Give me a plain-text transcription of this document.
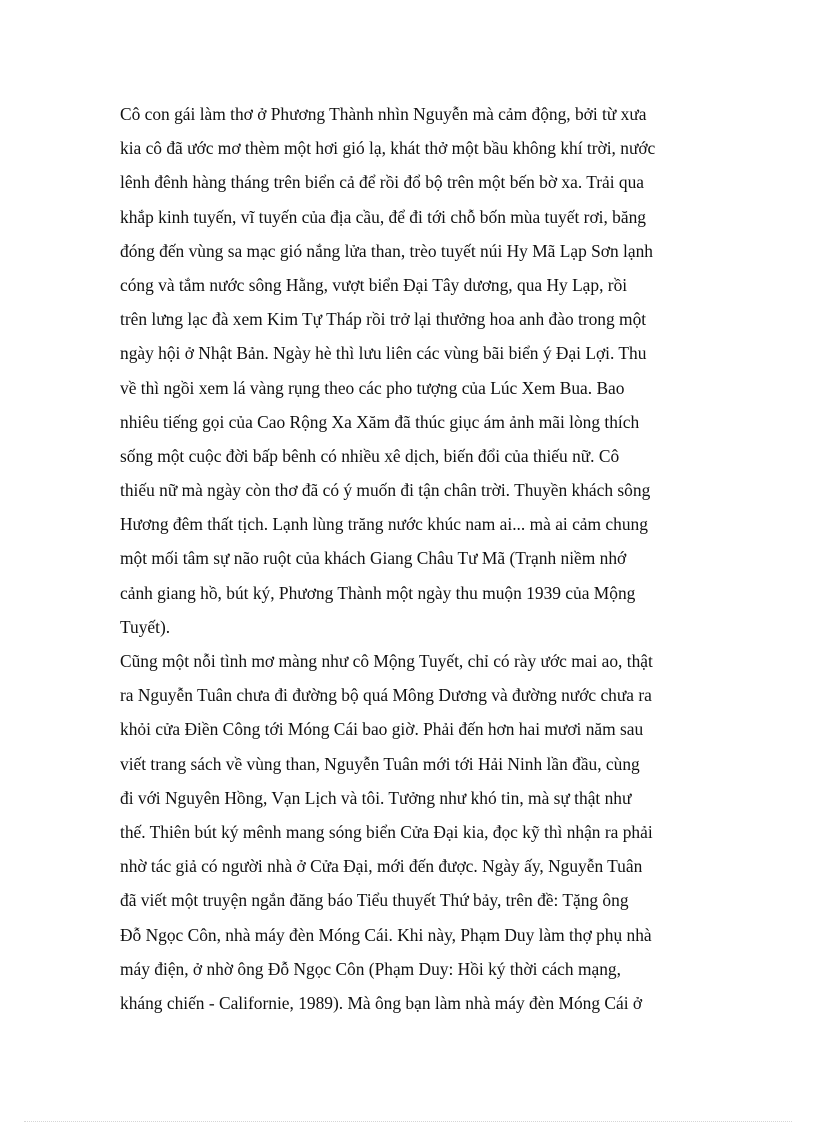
Cô con gái làm thơ ở Phương Thành nhìn Nguyễn mà cảm động, bởi từ xưa
kia cô đã ước mơ thèm một hơi gió lạ, khát thở một bầu không khí trời, nước
lênh đênh hàng tháng trên biển cả để rồi đổ bộ trên một bến bờ xa. Trải qua
khắp kinh tuyến, vĩ tuyến của địa cầu, để đi tới chỗ bốn mùa tuyết rơi, băng
đóng đến vùng sa mạc gió nắng lửa than, trèo tuyết núi Hy Mã Lạp Sơn lạnh
cóng và tắm nước sông Hằng, vượt biển Đại Tây dương, qua Hy Lạp, rồi
trên lưng lạc đà xem Kim Tự Tháp rồi trở lại thưởng hoa anh đào trong một
ngày hội ở Nhật Bản. Ngày hè thì lưu liên các vùng bãi biển ý Đại Lợi. Thu
về thì ngồi xem lá vàng rụng theo các pho tượng của Lúc Xem Bua. Bao
nhiêu tiếng gọi của Cao Rộng Xa Xăm đã thúc giục ám ảnh mãi lòng thích
sống một cuộc đời bấp bênh có nhiều xê dịch, biến đổi của thiếu nữ. Cô
thiếu nữ mà ngày còn thơ đã có ý muốn đi tận chân trời. Thuyền khách sông
Hương đêm thất tịch. Lạnh lùng trăng nước khúc nam ai... mà ai cảm chung
một mối tâm sự não ruột của khách Giang Châu Tư Mã (Trạnh niềm nhớ
cảnh giang hồ, bút ký, Phương Thành một ngày thu muộn 1939 của Mộng
Tuyết).

Cũng một nỗi tình mơ màng như cô Mộng Tuyết, chỉ có rày ước mai ao, thật
ra Nguyễn Tuân chưa đi đường bộ quá Mông Dương và đường nước chưa ra
khỏi cửa Điền Công tới Móng Cái bao giờ. Phải đến hơn hai mươi năm sau
viết trang sách về vùng than, Nguyễn Tuân mới tới Hải Ninh lần đầu, cùng
đi với Nguyên Hồng, Vạn Lịch và tôi. Tưởng như khó tin, mà sự thật như
thế. Thiên bút ký mênh mang sóng biển Cửa Đại kia, đọc kỹ thì nhận ra phải
nhờ tác giả có người nhà ở Cửa Đại, mới đến được. Ngày ấy, Nguyễn Tuân
đã viết một truyện ngắn đăng báo Tiểu thuyết Thứ bảy, trên đề: Tặng ông
Đỗ Ngọc Côn, nhà máy đèn Móng Cái. Khi này, Phạm Duy làm thợ phụ nhà
máy điện, ở nhờ ông Đỗ Ngọc Côn (Phạm Duy: Hồi ký thời cách mạng,
kháng chiến - Californie, 1989). Mà ông bạn làm nhà máy đèn Móng Cái ở
